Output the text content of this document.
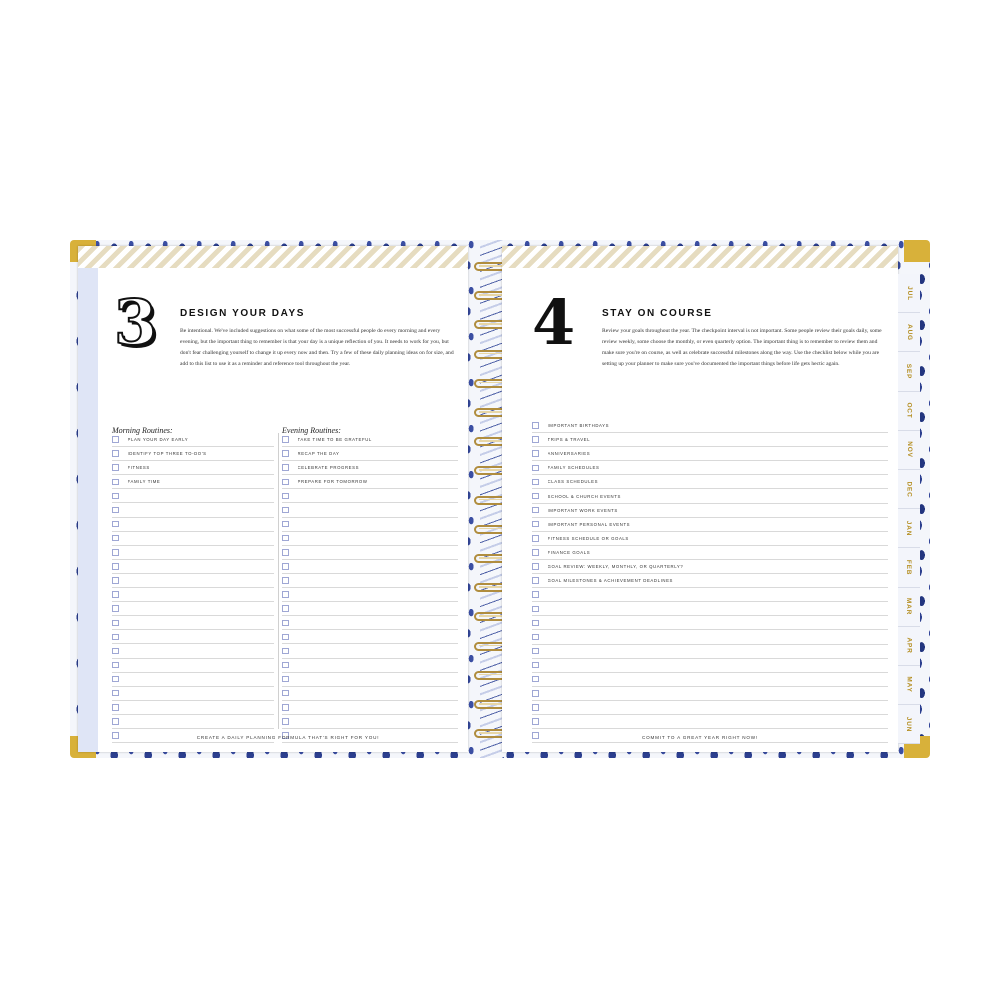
3 DESIGN YOUR DAYS
Be intentional. We've included suggestions on what some of the most successful people do every morning and every evening, but the important thing to remember is that your day is a unique reflection of you. It needs to work for you, but don't fear challenging yourself to change it up every now and then. Try a few of these daily planning ideas on for size, and add to this list to use it as a reminder and reference tool throughout the year.
Morning Routines:	Evening Routines:
PLAN YOUR DAY EARLY
IDENTIFY TOP THREE TO-DO'S
FITNESS
FAMILY TIME
TAKE TIME TO BE GRATEFUL
RECAP THE DAY
CELEBRATE PROGRESS
PREPARE FOR TOMORROW
CREATE A DAILY PLANNING FORMULA THAT'S RIGHT FOR YOU!
4	STAY ON COURSE
Review your goals throughout the year. The checkpoint interval is not important. Some people review their goals daily, some review weekly, some choose the monthly, or even quarterly option. The important thing is to remember to review them and make sure you're on course, as well as celebrate successful milestones along the way. Use the checklist below while you are setting up your planner to make sure you've documented the important things before life gets hectic again.
IMPORTANT BIRTHDAYS
TRIPS & TRAVEL
ANNIVERSARIES
FAMILY SCHEDULES
CLASS SCHEDULES
SCHOOL & CHURCH EVENTS
IMPORTANT WORK EVENTS
IMPORTANT PERSONAL EVENTS
FITNESS SCHEDULE OR GOALS
FINANCE GOALS
GOAL REVIEW: WEEKLY, MONTHLY, OR QUARTERLY?
GOAL MILESTONES & ACHIEVEMENT DEADLINES
COMMIT TO A GREAT YEAR RIGHT NOW!
JUL
AUG
SEP
OCT
NOV
DEC
JAN
FEB
MAR
APR
MAY
JUN
